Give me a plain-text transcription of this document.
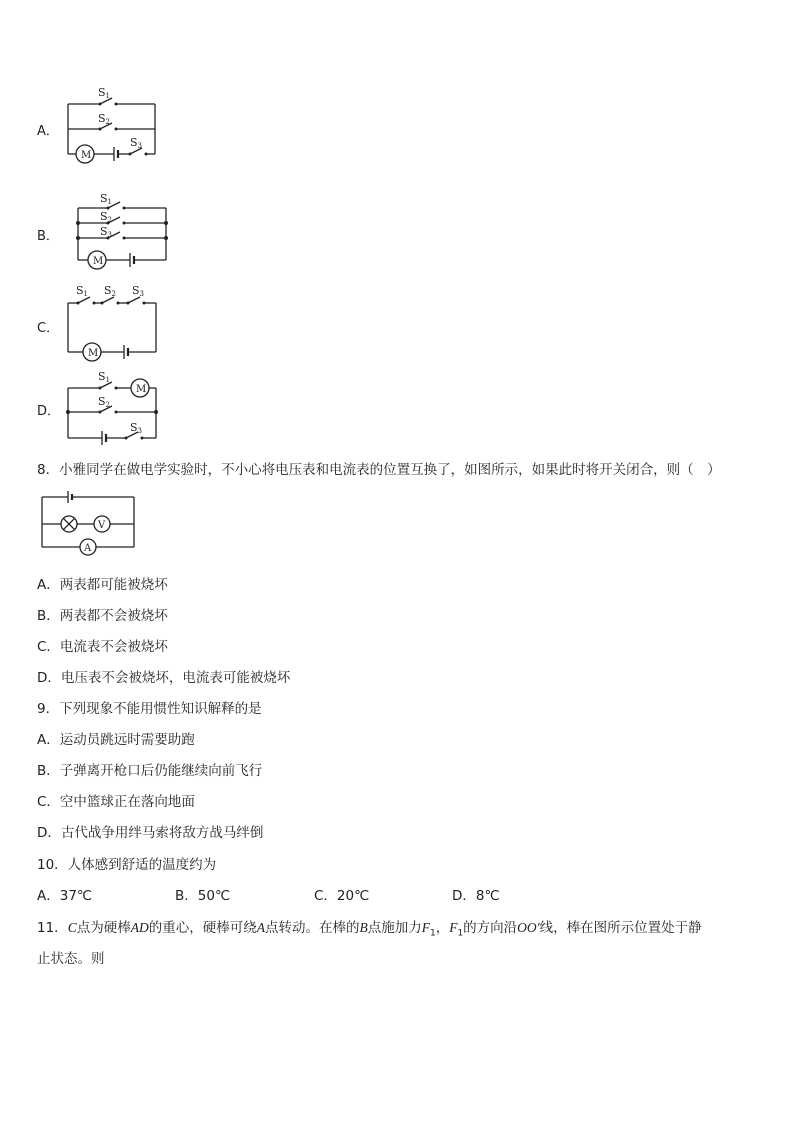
A．
B．
C．
D．
S1
S2
S3
M
S1
S2
S3
M
S1 S2 S3
M
S1
S2
S3
M
8．小雅同学在做电学实验时，不小心将电压表和电流表的位置互换了，如图所示，如果此时将开关闭合，则（　）
V
A
A．两表都可能被烧坏
B．两表都不会被烧坏
C．电流表不会被烧坏
D．电压表不会被烧坏，电流表可能被烧坏
9．下列现象不能用惯性知识解释的是
A．运动员跳远时需要助跑
B．子弹离开枪口后仍能继续向前飞行
C．空中篮球正在落向地面
D．古代战争用绊马索将敌方战马绊倒
10．人体感到舒适的温度约为
A．37℃	B．50℃	C．20℃	D．8℃
11．C点为硬棒AD的重心，硬棒可绕A点转动。在棒的B点施加力$F_1$，$F_1$的方向沿OO′线，棒在图所示位置处于静
止状态。则
